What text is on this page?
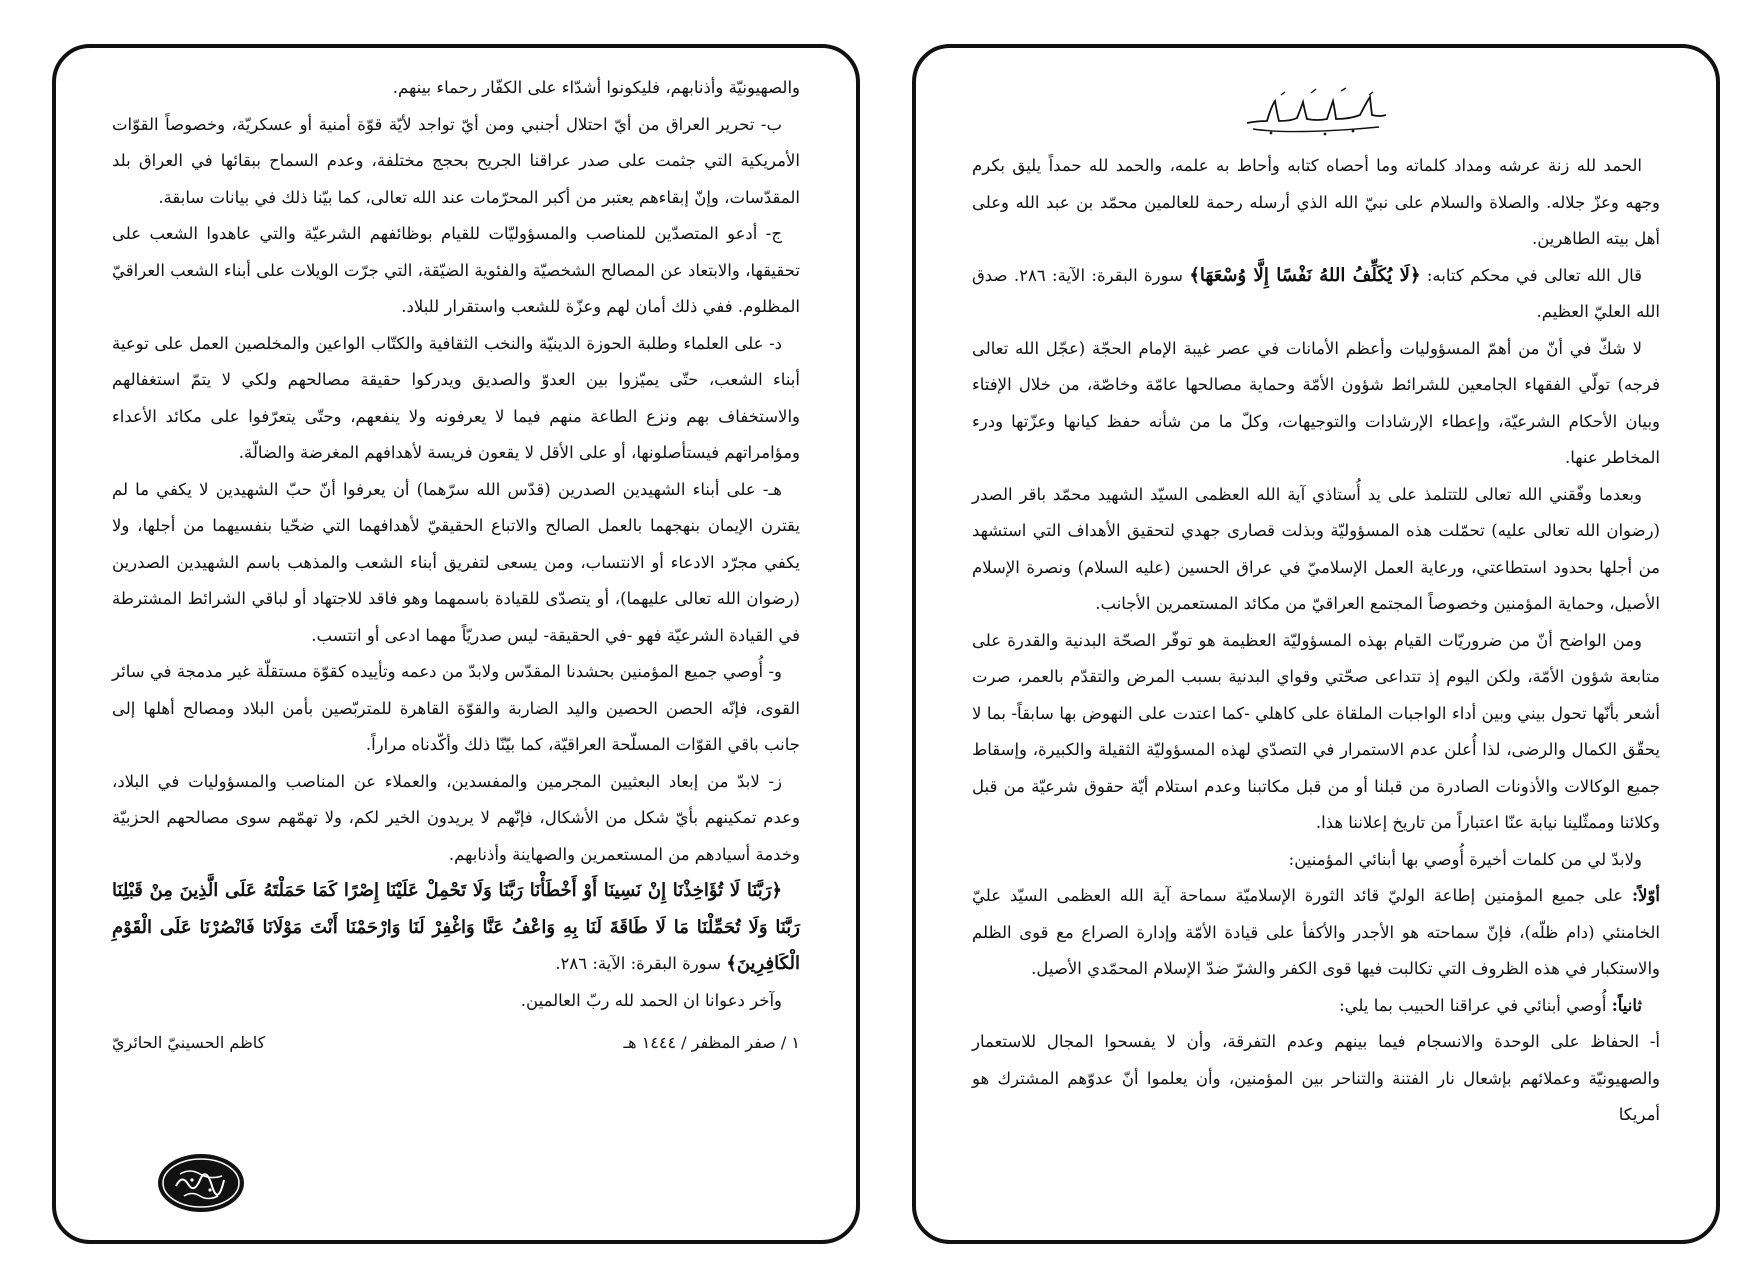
والصهيونيّة وأذنابهم، فليكونوا أشدّاء على الكفّار رحماء بينهم.

ب- تحرير العراق من أيّ احتلال أجنبي ومن أيّ تواجد لأيّة قوّة أمنية أو عسكريّة، وخصوصاً القوّات الأمريكية التي جثمت على صدر عراقنا الجريح بحجج مختلفة، وعدم السماح ببقائها في العراق بلد المقدّسات، وإنّ إبقاءهم يعتبر من أكبر المحرّمات عند الله تعالى، كما بيّنا ذلك في بيانات سابقة.

ج- أدعو المتصدّين للمناصب والمسؤوليّات للقيام بوظائفهم الشرعيّة والتي عاهدوا الشعب على تحقيقها، والابتعاد عن المصالح الشخصيّة والفئوية الضيّقة، التي جرّت الويلات على أبناء الشعب العراقيّ المظلوم. ففي ذلك أمان لهم وعزّة للشعب واستقرار للبلاد.

د- على العلماء وطلبة الحوزة الدينيّة والنخب الثقافية والكتّاب الواعين والمخلصين العمل على توعية أبناء الشعب، حتّى يميّزوا بين العدوّ والصديق ويدركوا حقيقة مصالحهم ولكي لا يتمّ استغفالهم والاستخفاف بهم ونزع الطاعة منهم فيما لا يعرفونه ولا ينفعهم، وحتّى يتعرّفوا على مكائد الأعداء ومؤامراتهم فيستأصلونها، أو على الأقل لا يقعون فريسة لأهدافهم المغرضة والضالّة.

هـ- على أبناء الشهيدين الصدرين (قدّس الله سرّهما) أن يعرفوا أنّ حبّ الشهيدين لا يكفي ما لم يقترن الإيمان بنهجهما بالعمل الصالح والاتباع الحقيقيّ لأهدافهما التي ضحّيا بنفسيهما من أجلها، ولا يكفي مجرّد الادعاء أو الانتساب، ومن يسعى لتفريق أبناء الشعب والمذهب باسم الشهيدين الصدرين (رضوان الله تعالى عليهما)، أو يتصدّى للقيادة باسمهما وهو فاقد للاجتهاد أو لباقي الشرائط المشترطة في القيادة الشرعيّة فهو -في الحقيقة- ليس صدريّاً مهما ادعى أو انتسب.

و- أُوصي جميع المؤمنين بحشدنا المقدّس ولابدّ من دعمه وتأييده كقوّة مستقلّة غير مدمجة في سائر القوى، فإنّه الحصن الحصين واليد الضاربة والقوّة القاهرة للمتربّصين بأمن البلاد ومصالح أهلها إلى جانب باقي القوّات المسلّحة العراقيّة، كما بيّنّا ذلك وأكّدناه مراراً.

ز- لابدّ من إبعاد البعثيين المجرمين والمفسدين، والعملاء عن المناصب والمسؤوليات في البلاد، وعدم تمكينهم بأيّ شكل من الأشكال، فإنّهم لا يريدون الخير لكم، ولا تهمّهم سوى مصالحهم الحزبيّة وخدمة أسيادهم من المستعمرين والصهاينة وأذنابهم.

﴿رَبَّنَا لَا تُؤَاخِذْنَا إِنْ نَسِينَا أَوْ أَخْطَأْنَا رَبَّنَا وَلَا تَحْمِلْ عَلَيْنَا إِصْرًا كَمَا حَمَلْتَهُ عَلَى الَّذِينَ مِنْ قَبْلِنَا رَبَّنَا وَلَا تُحَمِّلْنَا مَا لَا طَاقَةَ لَنَا بِهِ وَاعْفُ عَنَّا وَاغْفِرْ لَنَا وَارْحَمْنَا أَنْتَ مَوْلَانَا فَانْصُرْنَا عَلَى الْقَوْمِ الْكَافِرِينَ﴾ سورة البقرة: الآية: ٢٨٦.

وآخر دعوانا ان الحمد لله ربّ العالمين.

١ / صفر المظفر / ١٤٤٤ هـ
كاظم الحسينيّ الحائريّ

الحمد لله زنة عرشه ومداد كلماته وما أحصاه كتابه وأحاط به علمه، والحمد لله حمداً يليق بكرم وجهه وعزّ جلاله. والصلاة والسلام على نبيّ الله الذي أرسله رحمة للعالمين محمّد بن عبد الله وعلى أهل بيته الطاهرين.

قال الله تعالى في محكم كتابه: ﴿لَا يُكَلِّفُ اللهُ نَفْسًا إِلَّا وُسْعَهَا﴾ سورة البقرة: الآية: ٢٨٦. صدق الله العليّ العظيم.

لا شكّ في أنّ من أهمّ المسؤوليات وأعظم الأمانات في عصر غيبة الإمام الحجّة (عجّل الله تعالى فرجه) تولّي الفقهاء الجامعين للشرائط شؤون الأمّة وحماية مصالحها عامّة وخاصّة، من خلال الإفتاء وبيان الأحكام الشرعيّة، وإعطاء الإرشادات والتوجيهات، وكلّ ما من شأنه حفظ كيانها وعزّتها ودرء المخاطر عنها.

وبعدما وفّقني الله تعالى للتتلمذ على يد أُستاذي آية الله العظمى السيّد الشهيد محمّد باقر الصدر (رضوان الله تعالى عليه) تحمّلت هذه المسؤوليّة وبذلت قصارى جهدي لتحقيق الأهداف التي استشهد من أجلها بحدود استطاعتي، ورعاية العمل الإسلاميّ في عراق الحسين (عليه السلام) ونصرة الإسلام الأصيل، وحماية المؤمنين وخصوصاً المجتمع العراقيّ من مكائد المستعمرين الأجانب.

ومن الواضح أنّ من ضروريّات القيام بهذه المسؤوليّة العظيمة هو توفّر الصحّة البدنية والقدرة على متابعة شؤون الأمّة، ولكن اليوم إذ تتداعى صحّتي وقواي البدنية بسبب المرض والتقدّم بالعمر، صرت أشعر بأنّها تحول بيني وبين أداء الواجبات الملقاة على كاهلي -كما اعتدت على النهوض بها سابقاً- بما لا يحقّق الكمال والرضى، لذا أُعلن عدم الاستمرار في التصدّي لهذه المسؤوليّة الثقيلة والكبيرة، وإسقاط جميع الوكالات والأذونات الصادرة من قبلنا أو من قبل مكاتبنا وعدم استلام أيّة حقوق شرعيّة من قبل وكلائنا وممثّلينا نيابة عنّا اعتباراً من تاريخ إعلاننا هذا.

ولابدّ لي من كلمات أخيرة أُوصي بها أبنائي المؤمنين:

أوّلاً: على جميع المؤمنين إطاعة الوليّ قائد الثورة الإسلاميّة سماحة آية الله العظمى السيّد عليّ الخامنئي (دام ظلّه)، فإنّ سماحته هو الأجدر والأكفأ على قيادة الأمّة وإدارة الصراع مع قوى الظلم والاستكبار في هذه الظروف التي تكالبت فيها قوى الكفر والشرّ ضدّ الإسلام المحمّدي الأصيل.

ثانياً: أُوصي أبنائي في عراقنا الحبيب بما يلي:

أ- الحفاظ على الوحدة والانسجام فيما بينهم وعدم التفرقة، وأن لا يفسحوا المجال للاستعمار والصهيونيّة وعملائهم بإشعال نار الفتنة والتناحر بين المؤمنين، وأن يعلموا أنّ عدوّهم المشترك هو أمريكا
